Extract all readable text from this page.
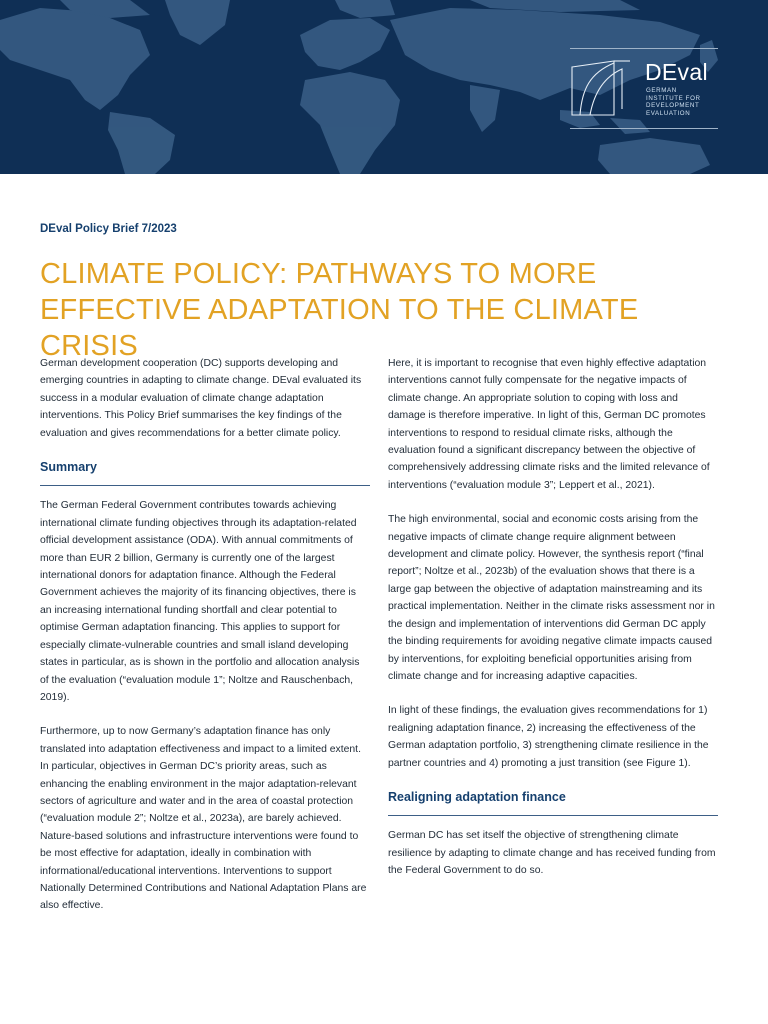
DEval
GERMAN
INSTITUTE FOR
DEVELOPMENT
EVALUATION
DEval Policy Brief 7/2023
CLIMATE POLICY: PATHWAYS TO MORE
EFFECTIVE ADAPTATION TO THE CLIMATE CRISIS

German development cooperation (DC) supports developing and emerging countries in adapting to climate change. DEval evaluated its success in a modular evaluation of climate change adaptation interventions. This Policy Brief summarises the key findings of the evaluation and gives recommendations for a better climate policy.

Summary

The German Federal Government contributes towards achieving international climate funding objectives through its adaptation-related official development assistance (ODA). With annual commitments of more than EUR 2 billion, Germany is currently one of the largest international donors for adaptation finance. Although the Federal Government achieves the majority of its financing objectives, there is an increasing international funding shortfall and clear potential to optimise German adaptation financing. This applies to support for especially climate-vulnerable countries and small island developing states in particular, as is shown in the portfolio and allocation analysis of the evaluation (“evaluation module 1”; Noltze and Rauschenbach, 2019).

Furthermore, up to now Germany’s adaptation finance has only translated into adaptation effectiveness and impact to a limited extent. In particular, objectives in German DC’s priority areas, such as enhancing the enabling environment in the major adaptation-relevant sectors of agriculture and water and in the area of coastal protection (“evaluation module 2”; Noltze et al., 2023a), are barely achieved. Nature-based solutions and infrastructure interventions were found to be most effective for adaptation, ideally in combination with informational/educational interventions. Interventions to support Nationally Determined Contributions and National Adaptation Plans are also effective.

Here, it is important to recognise that even highly effective adaptation interventions cannot fully compensate for the negative impacts of climate change. An appropriate solution to coping with loss and damage is therefore imperative. In light of this, German DC promotes interventions to respond to residual climate risks, although the evaluation found a significant discrepancy between the objective of comprehensively addressing climate risks and the limited relevance of interventions (“evaluation module 3”; Leppert et al., 2021).

The high environmental, social and economic costs arising from the negative impacts of climate change require alignment between development and climate policy. However, the synthesis report (“final report”; Noltze et al., 2023b) of the evaluation shows that there is a large gap between the objective of adaptation mainstreaming and its practical implementation. Neither in the climate risks assessment nor in the design and implementation of interventions did German DC apply the binding requirements for avoiding negative climate impacts caused by interventions, for exploiting beneficial opportunities arising from climate change and for increasing adaptive capacities.

In light of these findings, the evaluation gives recommendations for 1) realigning adaptation finance, 2) increasing the effectiveness of the German adaptation portfolio, 3) strengthening climate resilience in the partner countries and 4) promoting a just transition (see Figure 1).

Realigning adaptation finance

German DC has set itself the objective of strengthening climate resilience by adapting to climate change and has received funding from the Federal Government to do so.
